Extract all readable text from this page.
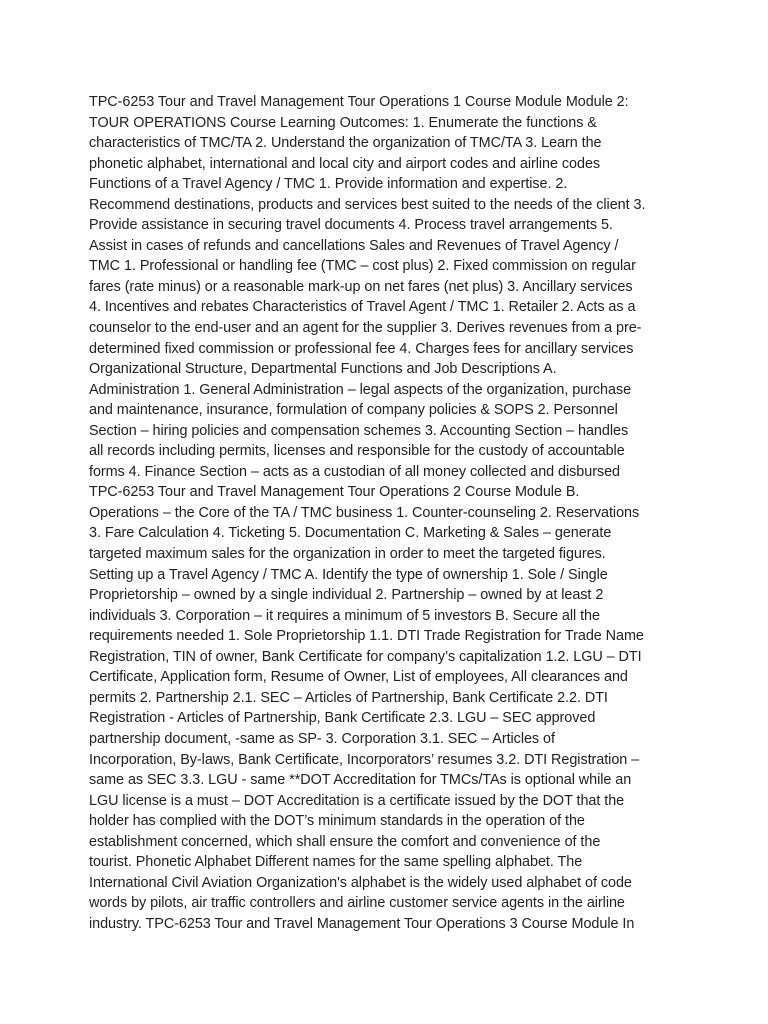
TPC-6253 Tour and Travel Management Tour Operations 1 Course Module Module 2:
TOUR OPERATIONS Course Learning Outcomes: 1. Enumerate the functions &
characteristics of TMC/TA 2. Understand the organization of TMC/TA 3. Learn the
phonetic alphabet, international and local city and airport codes and airline codes
Functions of a Travel Agency / TMC 1. Provide information and expertise. 2.
Recommend destinations, products and services best suited to the needs of the client 3.
Provide assistance in securing travel documents 4. Process travel arrangements 5.
Assist in cases of refunds and cancellations Sales and Revenues of Travel Agency /
TMC 1. Professional or handling fee (TMC – cost plus) 2. Fixed commission on regular
fares (rate minus) or a reasonable mark-up on net fares (net plus) 3. Ancillary services
4. Incentives and rebates Characteristics of Travel Agent / TMC 1. Retailer 2. Acts as a
counselor to the end-user and an agent for the supplier 3. Derives revenues from a pre-
determined fixed commission or professional fee 4. Charges fees for ancillary services
Organizational Structure, Departmental Functions and Job Descriptions A.
Administration 1. General Administration – legal aspects of the organization, purchase
and maintenance, insurance, formulation of company policies & SOPS 2. Personnel
Section – hiring policies and compensation schemes 3. Accounting Section – handles
all records including permits, licenses and responsible for the custody of accountable
forms 4. Finance Section – acts as a custodian of all money collected and disbursed
TPC-6253 Tour and Travel Management Tour Operations 2 Course Module B.
Operations – the Core of the TA / TMC business 1. Counter-counseling 2. Reservations
3. Fare Calculation 4. Ticketing 5. Documentation C. Marketing & Sales – generate
targeted maximum sales for the organization in order to meet the targeted figures.
Setting up a Travel Agency / TMC A. Identify the type of ownership 1. Sole / Single
Proprietorship – owned by a single individual 2. Partnership – owned by at least 2
individuals 3. Corporation – it requires a minimum of 5 investors B. Secure all the
requirements needed 1. Sole Proprietorship 1.1. DTI Trade Registration for Trade Name
Registration, TIN of owner, Bank Certificate for company’s capitalization 1.2. LGU – DTI
Certificate, Application form, Resume of Owner, List of employees, All clearances and
permits 2. Partnership 2.1. SEC – Articles of Partnership, Bank Certificate 2.2. DTI
Registration - Articles of Partnership, Bank Certificate 2.3. LGU – SEC approved
partnership document, -same as SP- 3. Corporation 3.1. SEC – Articles of
Incorporation, By-laws, Bank Certificate, Incorporators’ resumes 3.2. DTI Registration –
same as SEC 3.3. LGU - same **DOT Accreditation for TMCs/TAs is optional while an
LGU license is a must – DOT Accreditation is a certificate issued by the DOT that the
holder has complied with the DOT’s minimum standards in the operation of the
establishment concerned, which shall ensure the comfort and convenience of the
tourist. Phonetic Alphabet Different names for the same spelling alphabet. The
International Civil Aviation Organization's alphabet is the widely used alphabet of code
words by pilots, air traffic controllers and airline customer service agents in the airline
industry. TPC-6253 Tour and Travel Management Tour Operations 3 Course Module In
